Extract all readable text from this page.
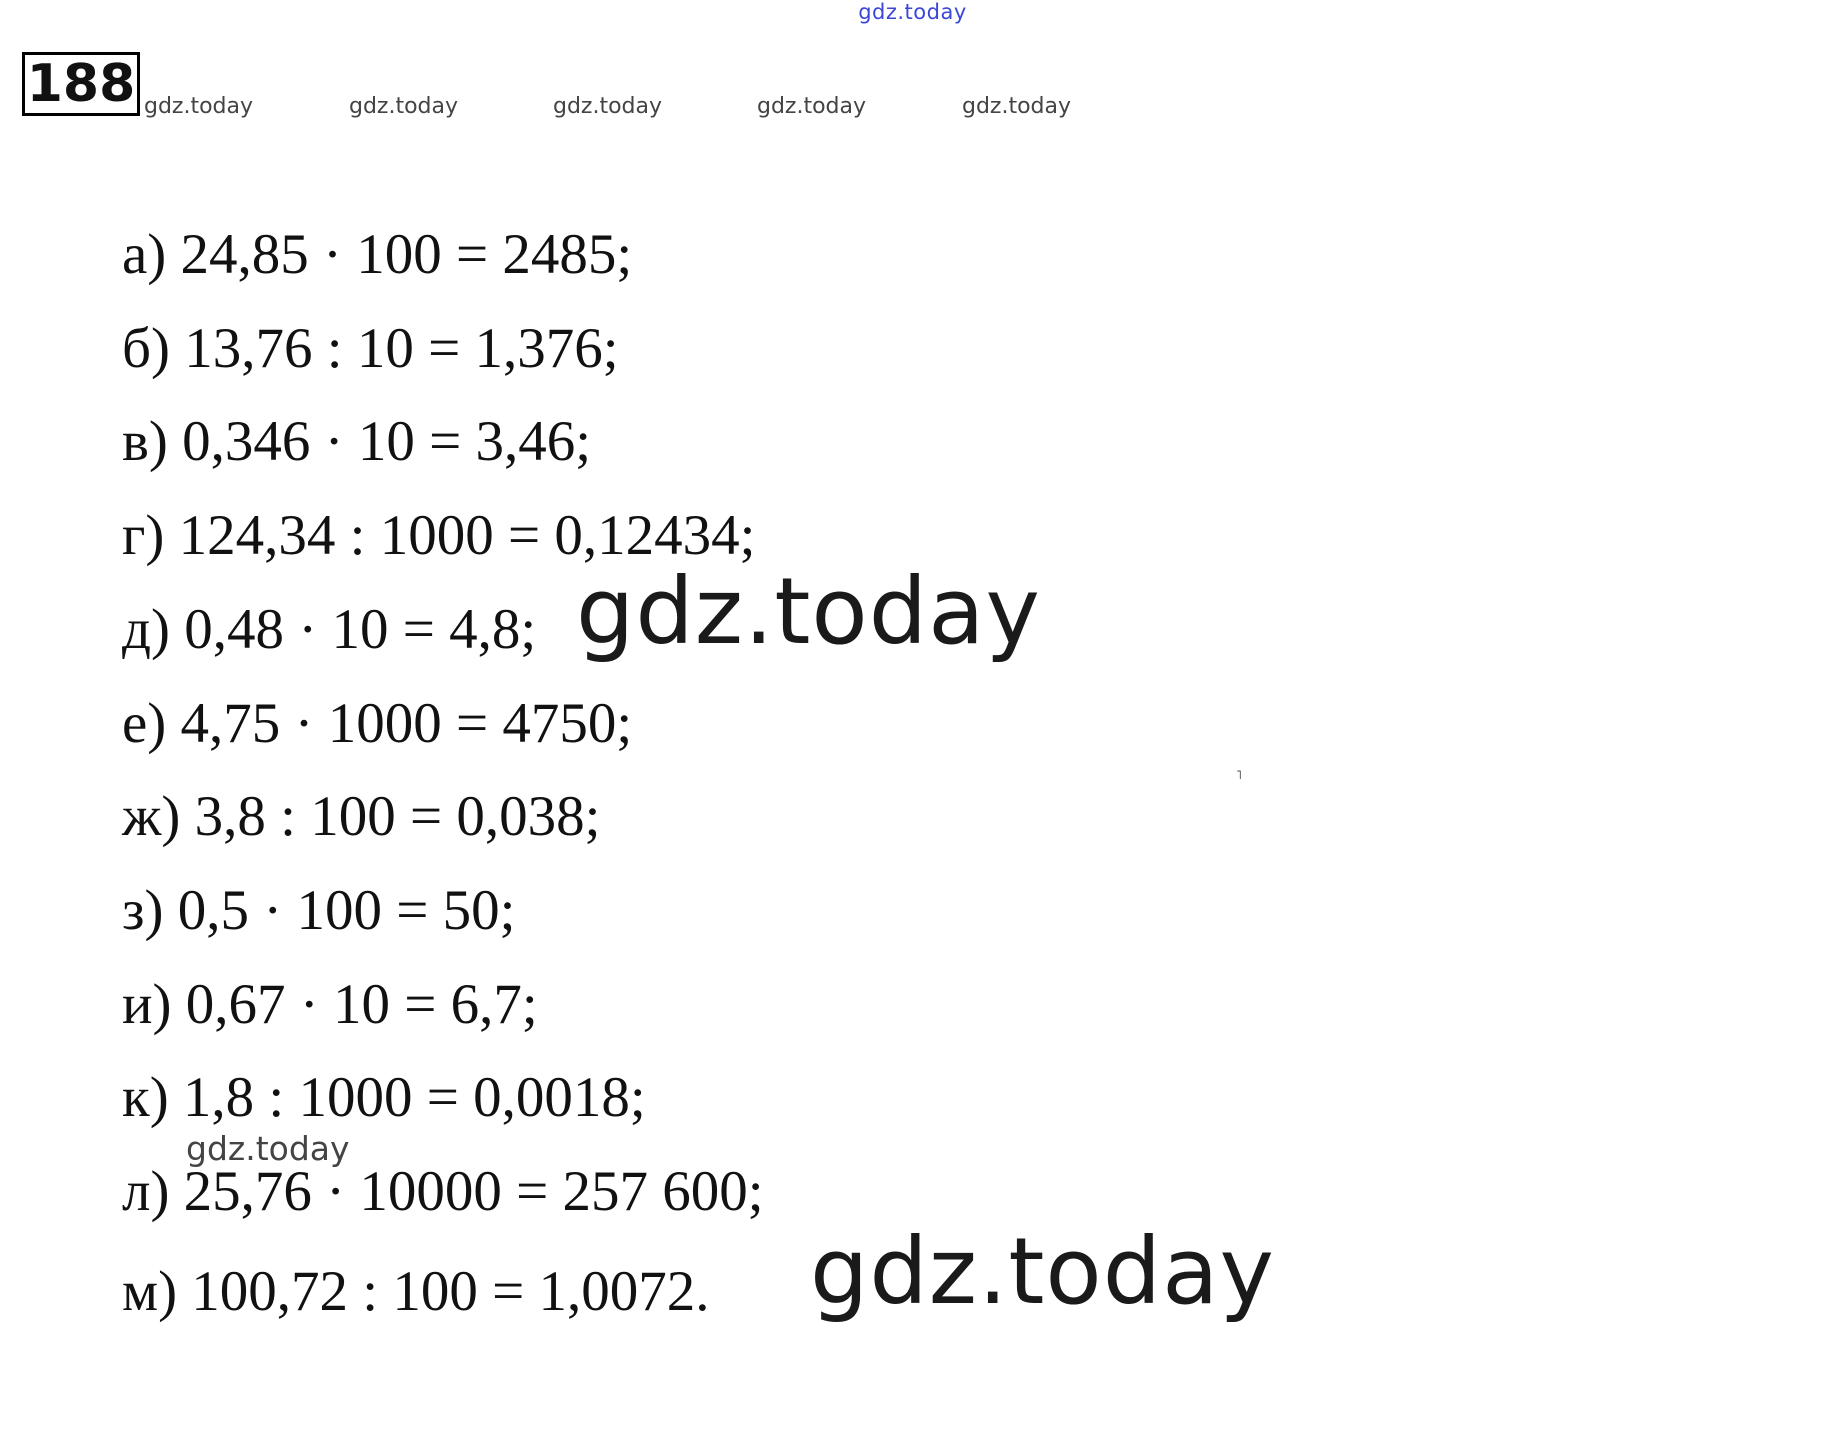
gdz.today
188 gdz.today	gdz.today	gdz.today	gdz.today	gdz.today
а) 24,85 · 100 = 2485;
б) 13,76 : 10 = 1,376;
в) 0,346 · 10 = 3,46;
г) 124,34 : 1000 = 0,12434;
д) 0,48 · 10 = 4,8;
е) 4,75 · 1000 = 4750;
ж) 3,8 : 100 = 0,038;
з) 0,5 · 100 = 50;
и) 0,67 · 10 = 6,7;
к) 1,8 : 1000 = 0,0018;
л) 25,76 · 10000 = 257 600;
м) 100,72 : 100 = 1,0072.
gdz.today
gdz.today
gdz.today
˥
